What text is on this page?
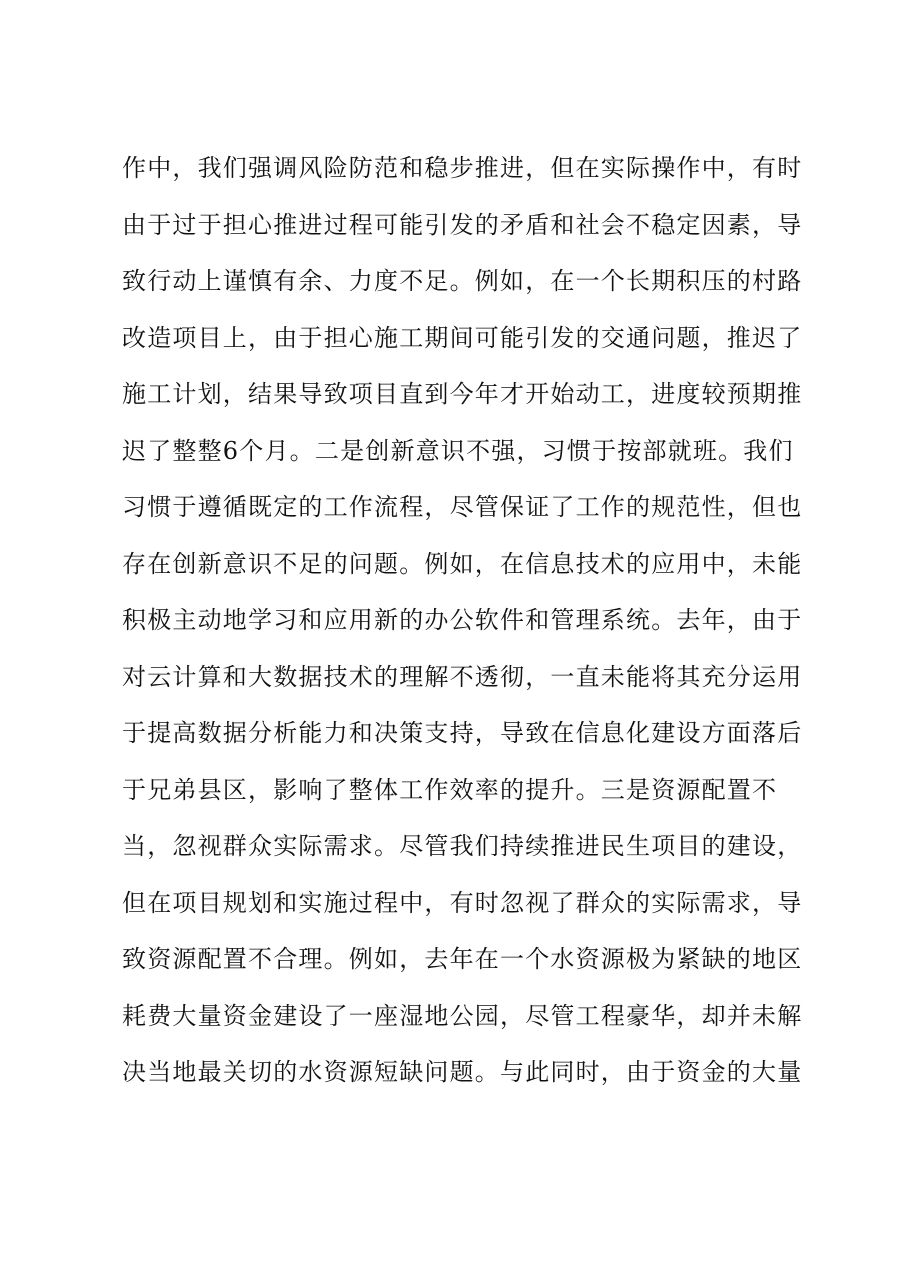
作中，我们强调风险防范和稳步推进，但在实际操作中，有时
由于过于担心推进过程可能引发的矛盾和社会不稳定因素，导
致行动上谨慎有余、力度不足。例如，在一个长期积压的村路
改造项目上，由于担心施工期间可能引发的交通问题，推迟了
施工计划，结果导致项目直到今年才开始动工，进度较预期推
迟了整整6个月。二是创新意识不强，习惯于按部就班。我们
习惯于遵循既定的工作流程，尽管保证了工作的规范性，但也
存在创新意识不足的问题。例如，在信息技术的应用中，未能
积极主动地学习和应用新的办公软件和管理系统。去年，由于
对云计算和大数据技术的理解不透彻，一直未能将其充分运用
于提高数据分析能力和决策支持，导致在信息化建设方面落后
于兄弟县区，影响了整体工作效率的提升。三是资源配置不
当，忽视群众实际需求。尽管我们持续推进民生项目的建设，
但在项目规划和实施过程中，有时忽视了群众的实际需求，导
致资源配置不合理。例如，去年在一个水资源极为紧缺的地区
耗费大量资金建设了一座湿地公园，尽管工程豪华，却并未解
决当地最关切的水资源短缺问题。与此同时，由于资金的大量
